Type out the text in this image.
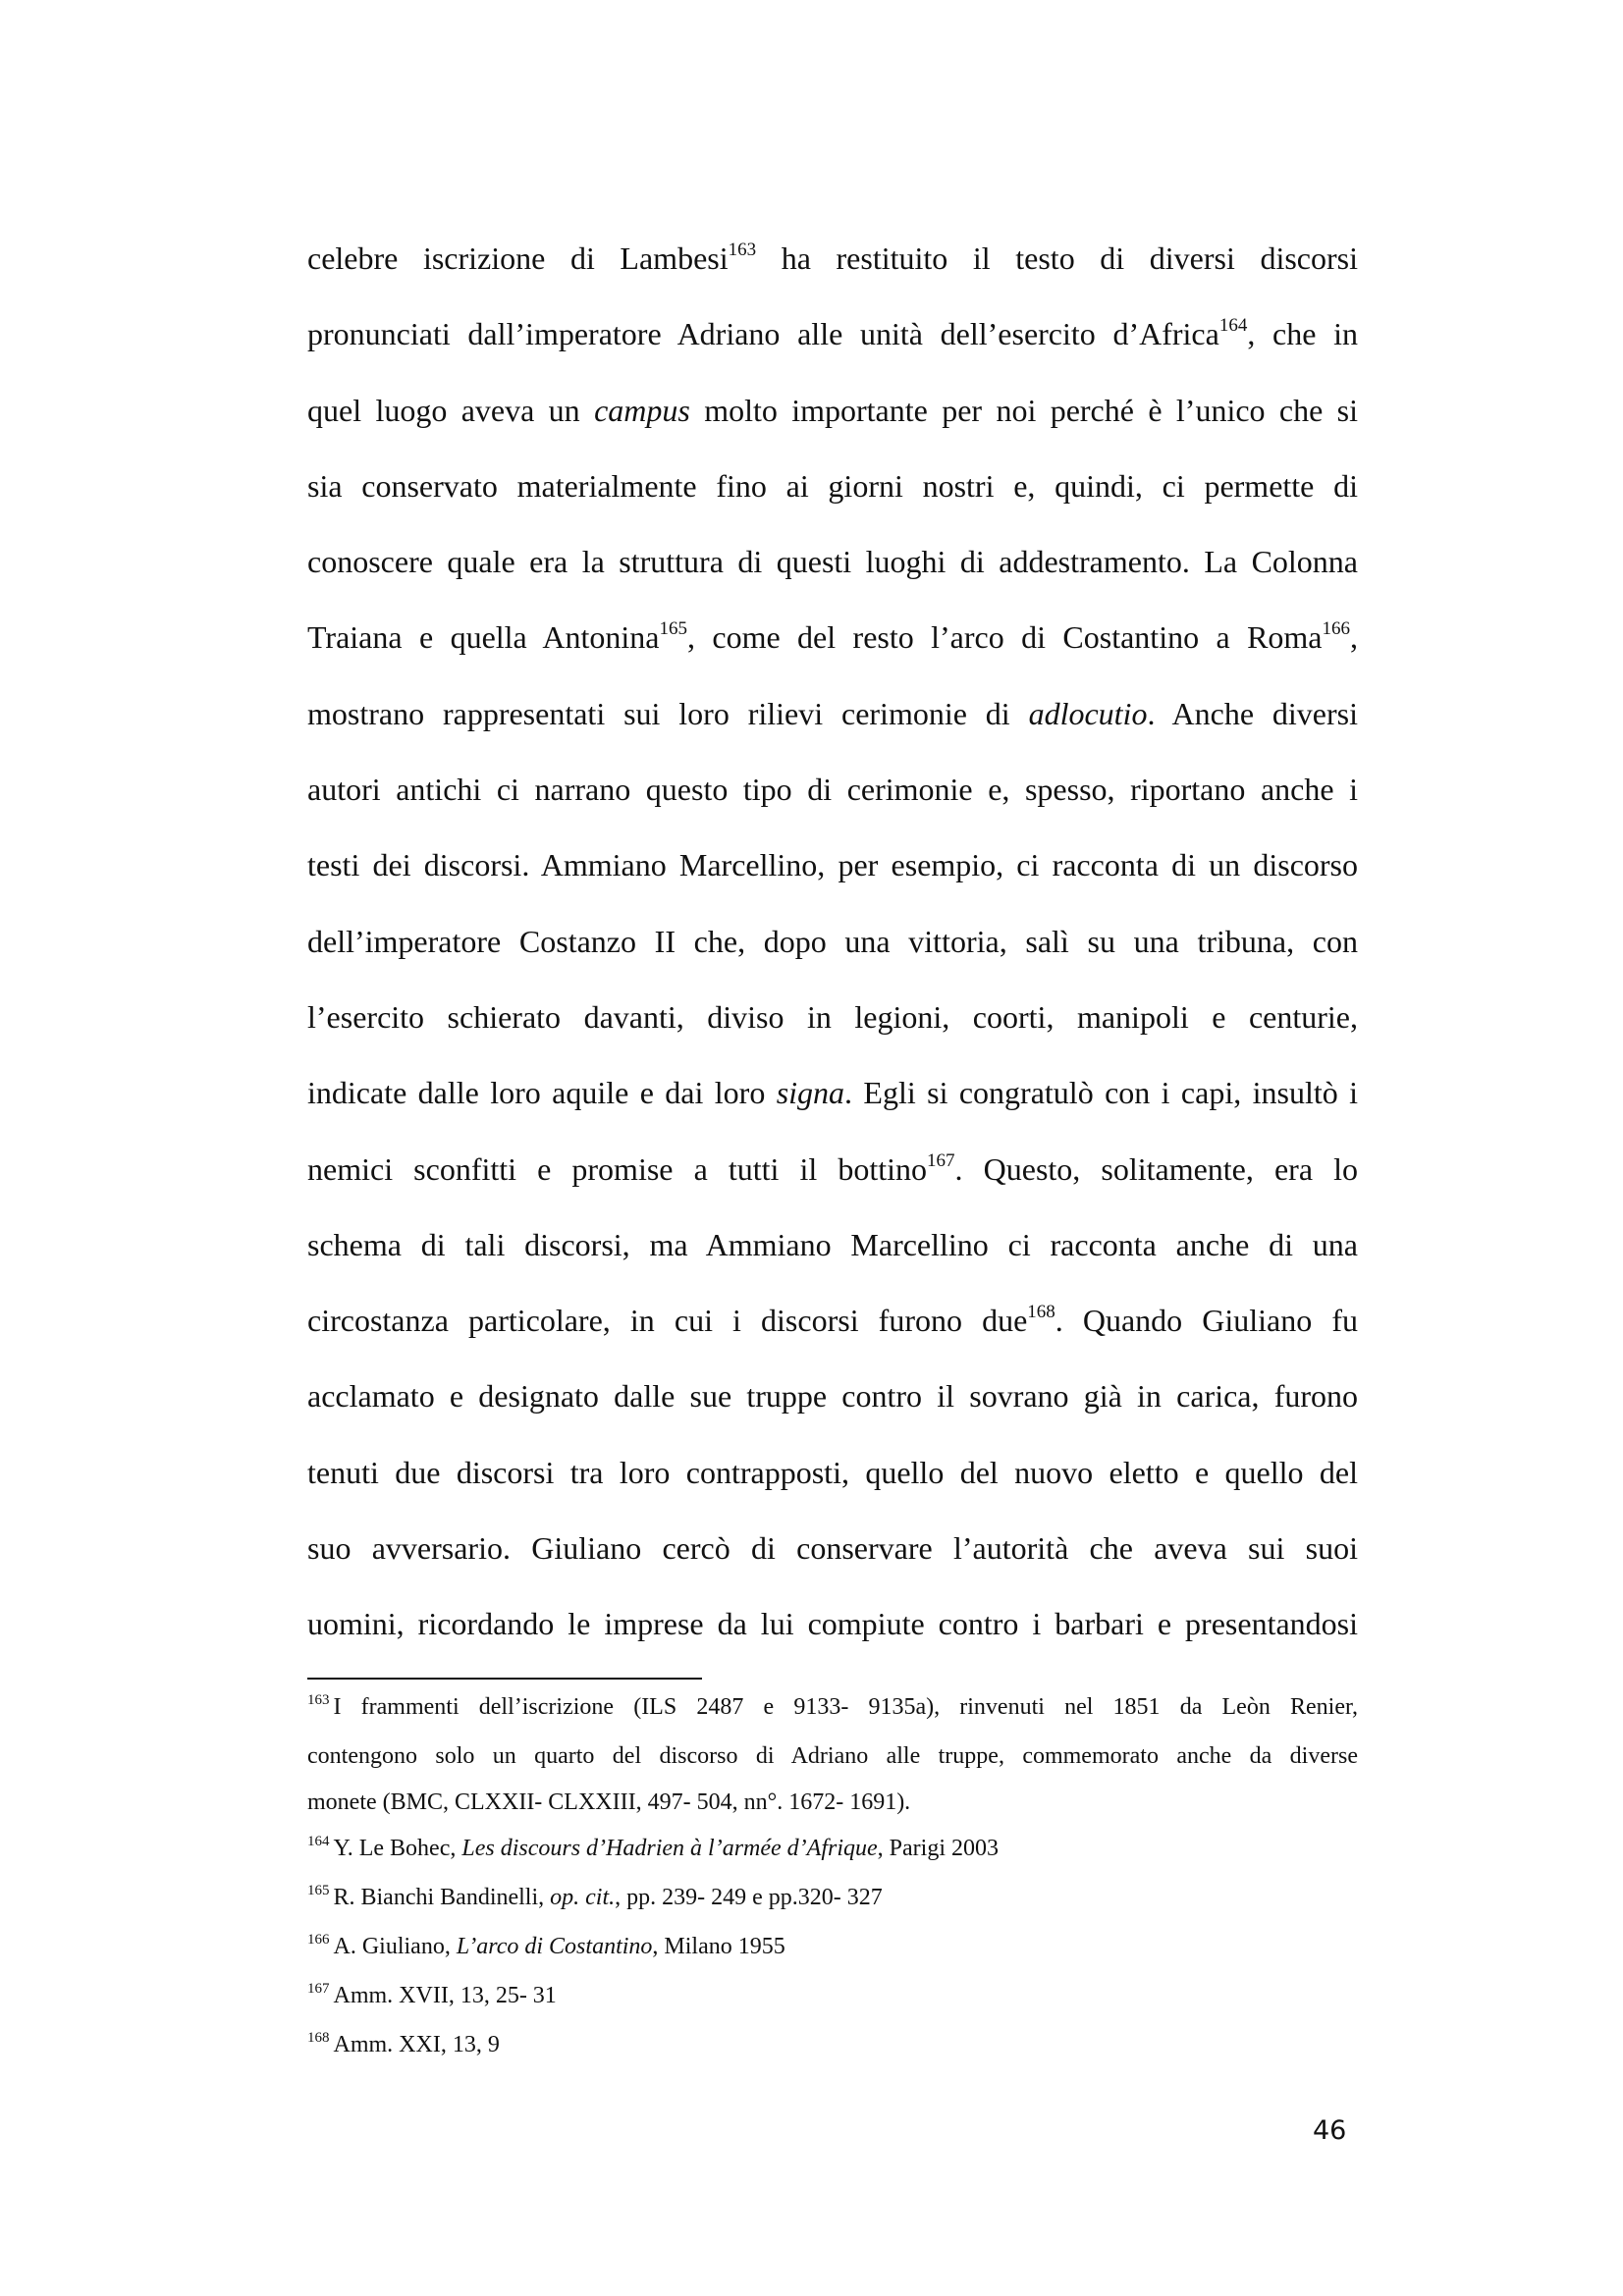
celebre iscrizione di Lambesi$^{163}$ ha restituito il testo di diversi discorsi
pronunciati dall’imperatore Adriano alle unità dell’esercito d’Africa$^{164}$, che in
quel luogo aveva un campus molto importante per noi perché è l’unico che si
sia conservato materialmente fino ai giorni nostri e, quindi, ci permette di
conoscere quale era la struttura di questi luoghi di addestramento. La Colonna
Traiana e quella Antonina$^{165}$, come del resto l’arco di Costantino a Roma$^{166}$,
mostrano rappresentati sui loro rilievi cerimonie di adlocutio. Anche diversi
autori antichi ci narrano questo tipo di cerimonie e, spesso, riportano anche i
testi dei discorsi. Ammiano Marcellino, per esempio, ci racconta di un discorso
dell’imperatore Costanzo II che, dopo una vittoria, salì su una tribuna, con
l’esercito schierato davanti, diviso in legioni, coorti, manipoli e centurie,
indicate dalle loro aquile e dai loro signa. Egli si congratulò con i capi, insultò i
nemici sconfitti e promise a tutti il bottino$^{167}$. Questo, solitamente, era lo
schema di tali discorsi, ma Ammiano Marcellino ci racconta anche di una
circostanza particolare, in cui i discorsi furono due$^{168}$. Quando Giuliano fu
acclamato e designato dalle sue truppe contro il sovrano già in carica, furono
tenuti due discorsi tra loro contrapposti, quello del nuovo eletto e quello del
suo avversario. Giuliano cercò di conservare l’autorità che aveva sui suoi
uomini, ricordando le imprese da lui compiute contro i barbari e presentandosi
$^{163}$ I frammenti dell’iscrizione (ILS 2487 e 9133- 9135a), rinvenuti nel 1851 da Leòn Renier,
contengono solo un quarto del discorso di Adriano alle truppe, commemorato anche da diverse
monete (BMC, CLXXII- CLXXIII, 497- 504, nn°. 1672- 1691).
$^{164}$ Y. Le Bohec, Les discours d’Hadrien à l’armée d’Afrique, Parigi 2003
$^{165}$ R. Bianchi Bandinelli, op. cit., pp. 239- 249 e pp.320- 327
$^{166}$ A. Giuliano, L’arco di Costantino, Milano 1955
$^{167}$ Amm. XVII, 13, 25- 31
$^{168}$ Amm. XXI, 13, 9
46
